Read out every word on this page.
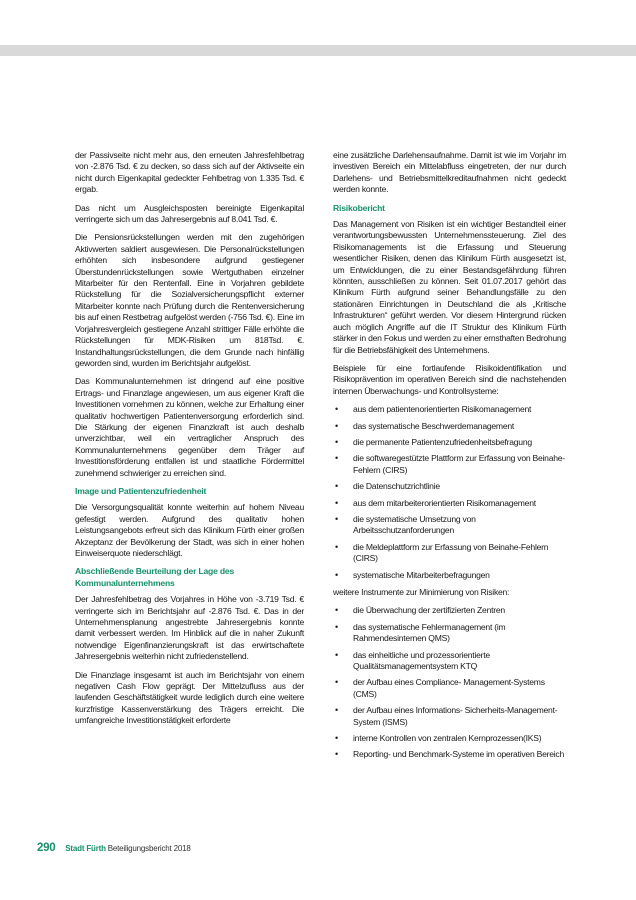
der Passivseite nicht mehr aus, den erneuten Jahresfehlbetrag von -2.876 Tsd. € zu decken, so dass sich auf der Aktivseite ein nicht durch Eigenkapital gedeckter Fehlbetrag von 1.335 Tsd. € ergab.

Das nicht um Ausgleichsposten bereinigte Eigenkapital verringerte sich um das Jahresergebnis auf 8.041 Tsd. €.

Die Pensionsrückstellungen werden mit den zugehörigen Aktivwerten saldiert ausgewiesen. Die Personalrückstellungen erhöhten sich insbesondere aufgrund gestiegener Überstundenrückstellungen sowie Wertguthaben einzelner Mitarbeiter für den Rentenfall. Eine in Vorjahren gebildete Rückstellung für die Sozialversicherungspflicht externer Mitarbeiter konnte nach Prüfung durch die Rentenversicherung bis auf einen Restbetrag aufgelöst werden (-756 Tsd. €). Eine im Vorjahresvergleich gestiegene Anzahl strittiger Fälle erhöhte die Rückstellungen für MDK-Risiken um 818Tsd. €. Instandhaltungsrückstellungen, die dem Grunde nach hinfällig geworden sind, wurden im Berichtsjahr aufgelöst.

Das Kommunalunternehmen ist dringend auf eine positive Ertrags- und Finanzlage angewiesen, um aus eigener Kraft die Investitionen vornehmen zu können, welche zur Erhaltung einer qualitativ hochwertigen Patientenversorgung erforderlich sind. Die Stärkung der eigenen Finanzkraft ist auch deshalb unverzichtbar, weil ein vertraglicher Anspruch des Kommunalunternehmens gegenüber dem Träger auf Investitionsförderung entfallen ist und staatliche Fördermittel zunehmend schwieriger zu erreichen sind.

Image und Patientenzufriedenheit

Die Versorgungsqualität konnte weiterhin auf hohem Niveau gefestigt werden. Aufgrund des qualitativ hohen Leistungsangebots erfreut sich das Klinikum Fürth einer großen Akzeptanz der Bevölkerung der Stadt, was sich in einer hohen Einweiserquote niederschlägt.

Abschließende Beurteilung der Lage des Kommunalunternehmens

Der Jahresfehlbetrag des Vorjahres in Höhe von -3.719 Tsd. € verringerte sich im Berichtsjahr auf -2.876 Tsd. €. Das in der Unternehmensplanung angestrebte Jahresergebnis konnte damit verbessert werden. Im Hinblick auf die in naher Zukunft notwendige Eigenfinanzierungskraft ist das erwirtschaftete Jahresergebnis weiterhin nicht zufriedenstellend.

Die Finanzlage insgesamt ist auch im Berichtsjahr von einem negativen Cash Flow geprägt. Der Mittelzufluss aus der laufenden Geschäftstätigkeit wurde lediglich durch eine weitere kurzfristige Kassenverstärkung des Trägers erreicht. Die umfangreiche Investitionstätigkeit erforderte

eine zusätzliche Darlehensaufnahme. Damit ist wie im Vorjahr im investiven Bereich ein Mittelabfluss eingetreten, der nur durch Darlehens- und Betriebsmittelkreditaufnahmen nicht gedeckt werden konnte.

Risikobericht

Das Management von Risiken ist ein wichtiger Bestandteil einer verantwortungsbewussten Unternehmenssteuerung. Ziel des Risikomanagements ist die Erfassung und Steuerung wesentlicher Risiken, denen das Klinikum Fürth ausgesetzt ist, um Entwicklungen, die zu einer Bestandsgefährdung führen könnten, ausschließen zu können. Seit 01.07.2017 gehört das Klinikum Fürth aufgrund seiner Behandlungsfälle zu den stationären Einrichtungen in Deutschland die als „Kritische Infrastrukturen“ geführt werden. Vor diesem Hintergrund rücken auch möglich Angriffe auf die IT Struktur des Klinikum Fürth stärker in den Fokus und werden zu einer ernsthaften Bedrohung für die Betriebsfähigkeit des Unternehmens.

Beispiele für eine fortlaufende Risikoidentifikation und Risikoprävention im operativen Bereich sind die nachstehenden internen Überwachungs- und Kontrollsysteme:

• aus dem patientenorientierten Risikomanagement
• das systematische Beschwerdemanagement
• die permanente Patientenzufriedenheitsbefragung
• die softwaregestützte Plattform zur Erfassung von Beinahe-Fehlern (CIRS)
• die Datenschutzrichtlinie
• aus dem mitarbeiterorientierten Risikomanagement
• die systematische Umsetzung von Arbeitsschutzanforderungen
• die Meldeplattform zur Erfassung von Beinahe-Fehlern (CIRS)
• systematische Mitarbeiterbefragungen

weitere Instrumente zur Minimierung von Risiken:

• die Überwachung der zertifizierten Zentren
• das systematische Fehlermanagement (im Rahmendesinternen QMS)
• das einheitliche und prozessorientierte Qualitätsmanagementsystem KTQ
• der Aufbau eines Compliance- Management-Systems (CMS)
• der Aufbau eines Informations- Sicherheits-Management-System (ISMS)
• interne Kontrollen von zentralen Kernprozessen(IKS)
• Reporting- und Benchmark-Systeme im operativen Bereich
290 Stadt Fürth Beteiligungsbericht 2018
